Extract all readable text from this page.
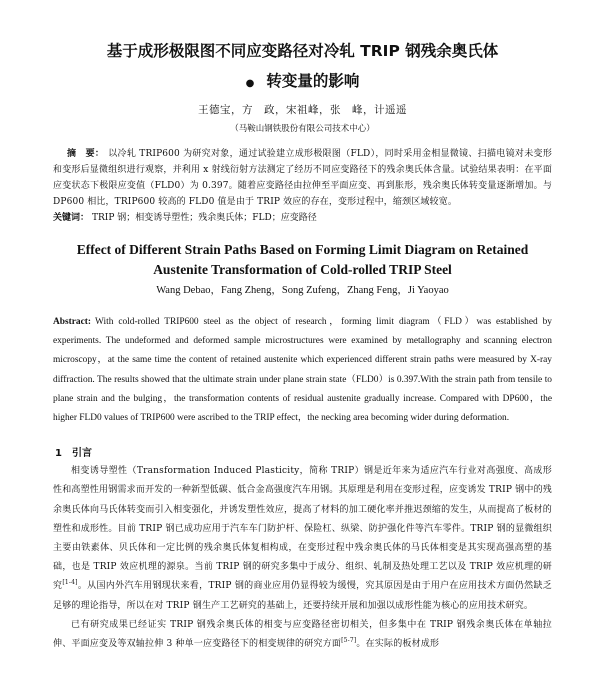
基于成形极限图不同应变路径对冷轧 TRIP 钢残余奥氏体
● 转变量的影响
王德宝，方　政，宋祖峰，张　峰，计遥遥
（马鞍山钢铁股份有限公司技术中心）
摘　要： 以冷轧 TRIP600 为研究对象，通过试验建立成形极限图（FLD），同时采用金相显微镜、扫描电镜对未变形和变形后显微组织进行观察，并利用 x 射线衍射方法测定了经历不同应变路径下的残余奥氏体含量。试验结果表明：在平面应变状态下极限应变值（FLD0）为 0.397。随着应变路径由拉伸至平面应变、再到胀形，残余奥氏体转变量逐渐增加。与 DP600 相比，TRIP600 较高的 FLD0 值是由于 TRIP 效应的存在，变形过程中，缩颈区域较宽。
关键词： TRIP 钢；相变诱导塑性；残余奥氏体；FLD；应变路径
Effect of Different Strain Paths Based on Forming Limit Diagram on Retained Austenite Transformation of Cold-rolled TRIP Steel
Wang Debao，Fang Zheng，Song Zufeng，Zhang Feng，Ji Yaoyao
Abstract: With cold-rolled TRIP600 steel as the object of research，forming limit diagram（FLD）was established by experiments. The undeformed and deformed sample microstructures were examined by metallography and scanning electron microscopy，at the same time the content of retained austenite which experienced different strain paths were measured by X-ray diffraction. The results showed that the ultimate strain under plane strain state（FLD0）is 0.397.With the strain path from tensile to plane strain and the bulging，the transformation contents of residual austenite gradually increase. Compared with DP600，the higher FLD0 values of TRIP600 were ascribed to the TRIP effect，the necking area becoming wider during deformation.
1 引言

相变诱导塑性（Transformation Induced Plasticity，简称 TRIP）钢是近年来为适应汽车行业对高强度、高成形性和高塑性用钢需求而开发的一种新型低碳、低合金高强度汽车用钢。其原理是利用在变形过程，应变诱发 TRIP 钢中的残余奥氏体向马氏体转变而引入相变强化，并诱发塑性效应，提高了材料的加工硬化率并推迟颈缩的发生，从而提高了板材的塑性和成形性。目前 TRIP 钢已成功应用于汽车车门防护杆、保险杠、纵梁、防护强化件等汽车零件。TRIP 钢的显微组织主要由铁素体、贝氏体和一定比例的残余奥氏体复相构成，在变形过程中残余奥氏体的马氏体相变是其实现高强高塑的基础，也是 TRIP 效应机理的源泉。当前 TRIP 钢的研究多集中于成分、组织、轧制及热处理工艺以及 TRIP 效应机理的研究[1-4]。从国内外汽车用钢现状来看，TRIP 钢的商业应用仍显得较为缓慢，究其原因是由于用户在应用技术方面仍然缺乏足够的理论指导，所以在对 TRIP 钢生产工艺研究的基础上，还要持续开展和加强以成形性能为核心的应用技术研究。

已有研究成果已经证实 TRIP 钢残余奥氏体的相变与应变路径密切相关，但多集中在 TRIP 钢残余奥氏体在单轴拉伸、平面应变及等双轴拉伸 3 种单一应变路径下的相变规律的研究方面[5-7]。在实际的板材成形
